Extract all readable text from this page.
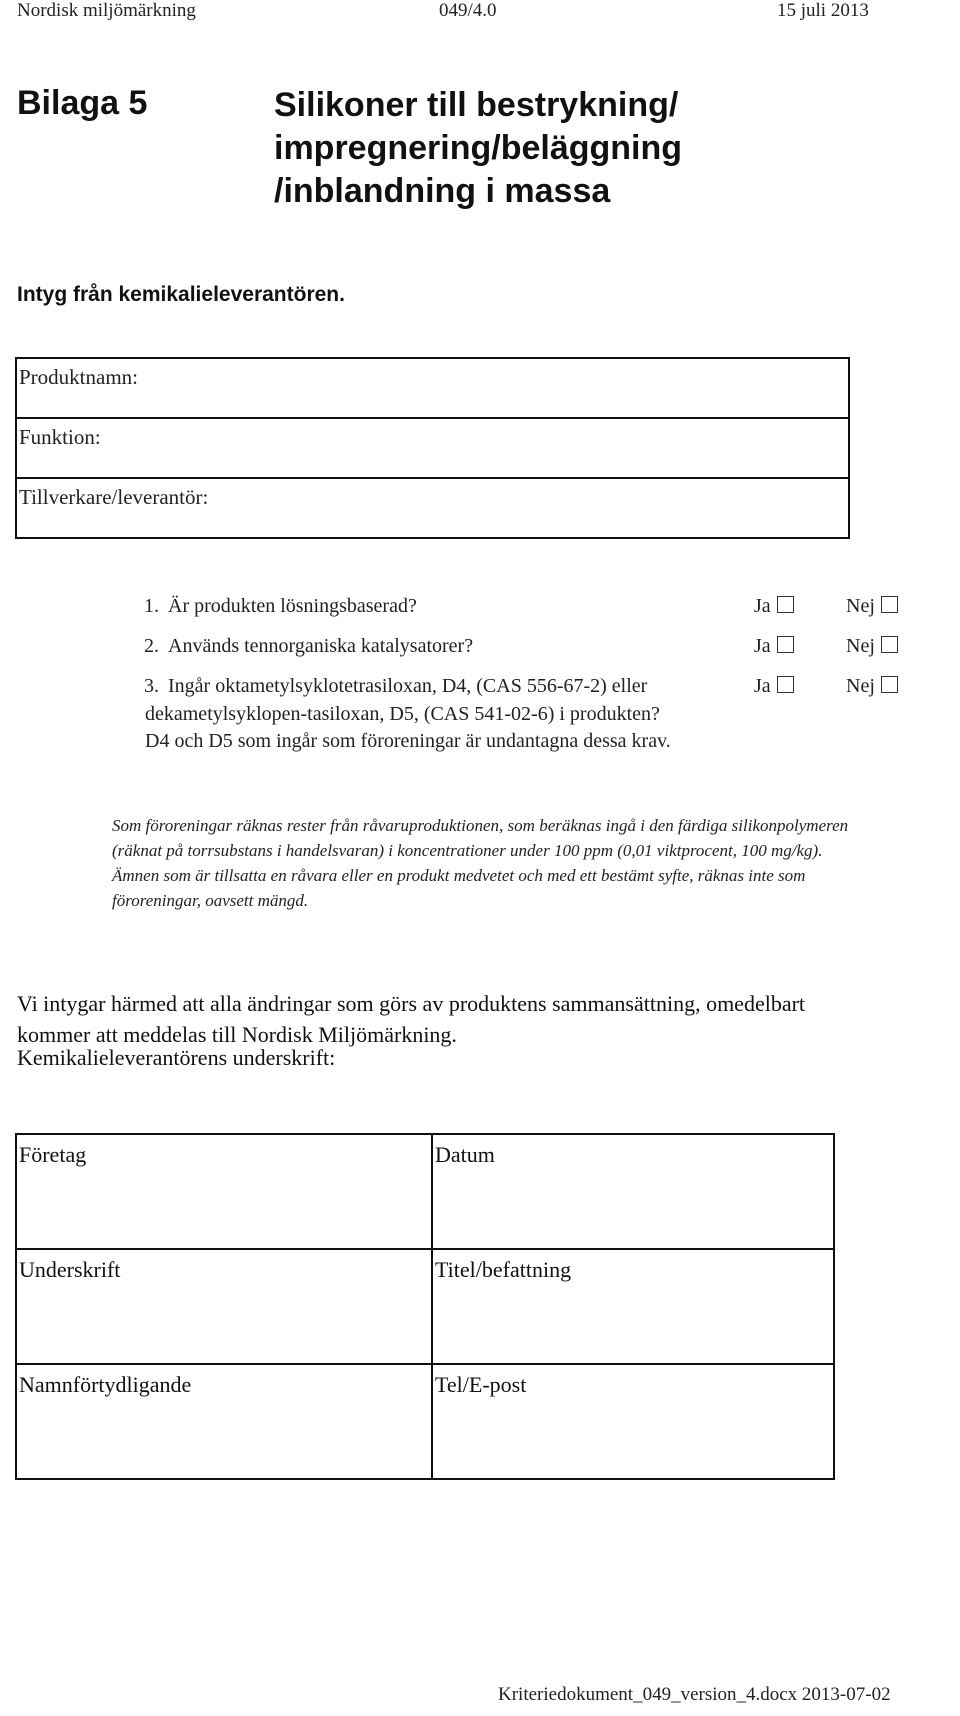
Nordisk miljömärkning	049/4.0	15 juli 2013
Bilaga 5	Silikoner till bestrykning/
impregnering/beläggning
/inblandning i massa
Intyg från kemikalieleverantören.
Produktnamn:

Funktion:

Tillverkare/leverantör:
1. Är produkten lösningsbaserad?	Ja	Nej
2. Används tennorganiska katalysatorer?	Ja	Nej
3. Ingår oktametylsyklotetrasiloxan, D4, (CAS 556-67-2) eller	Ja	Nej
dekametylsyklopen-tasiloxan, D5, (CAS 541-02-6) i produkten?
D4 och D5 som ingår som föroreningar är undantagna dessa krav.
Som föroreningar räknas rester från råvaruproduktionen, som beräknas ingå i den färdiga silikonpolymeren
(räknat på torrsubstans i handelsvaran) i koncentrationer under 100 ppm (0,01 viktprocent, 100 mg/kg).
Ämnen som är tillsatta en råvara eller en produkt medvetet och med ett bestämt syfte, räknas inte som
föroreningar, oavsett mängd.
Vi intygar härmed att alla ändringar som görs av produktens sammansättning, omedelbart
kommer att meddelas till Nordisk Miljömärkning.
Kemikalieleverantörens underskrift:
Företag	Datum

Underskrift	Titel/befattning

Namnförtydligande	Tel/E-post
Kriteriedokument_049_version_4.docx 2013-07-02
